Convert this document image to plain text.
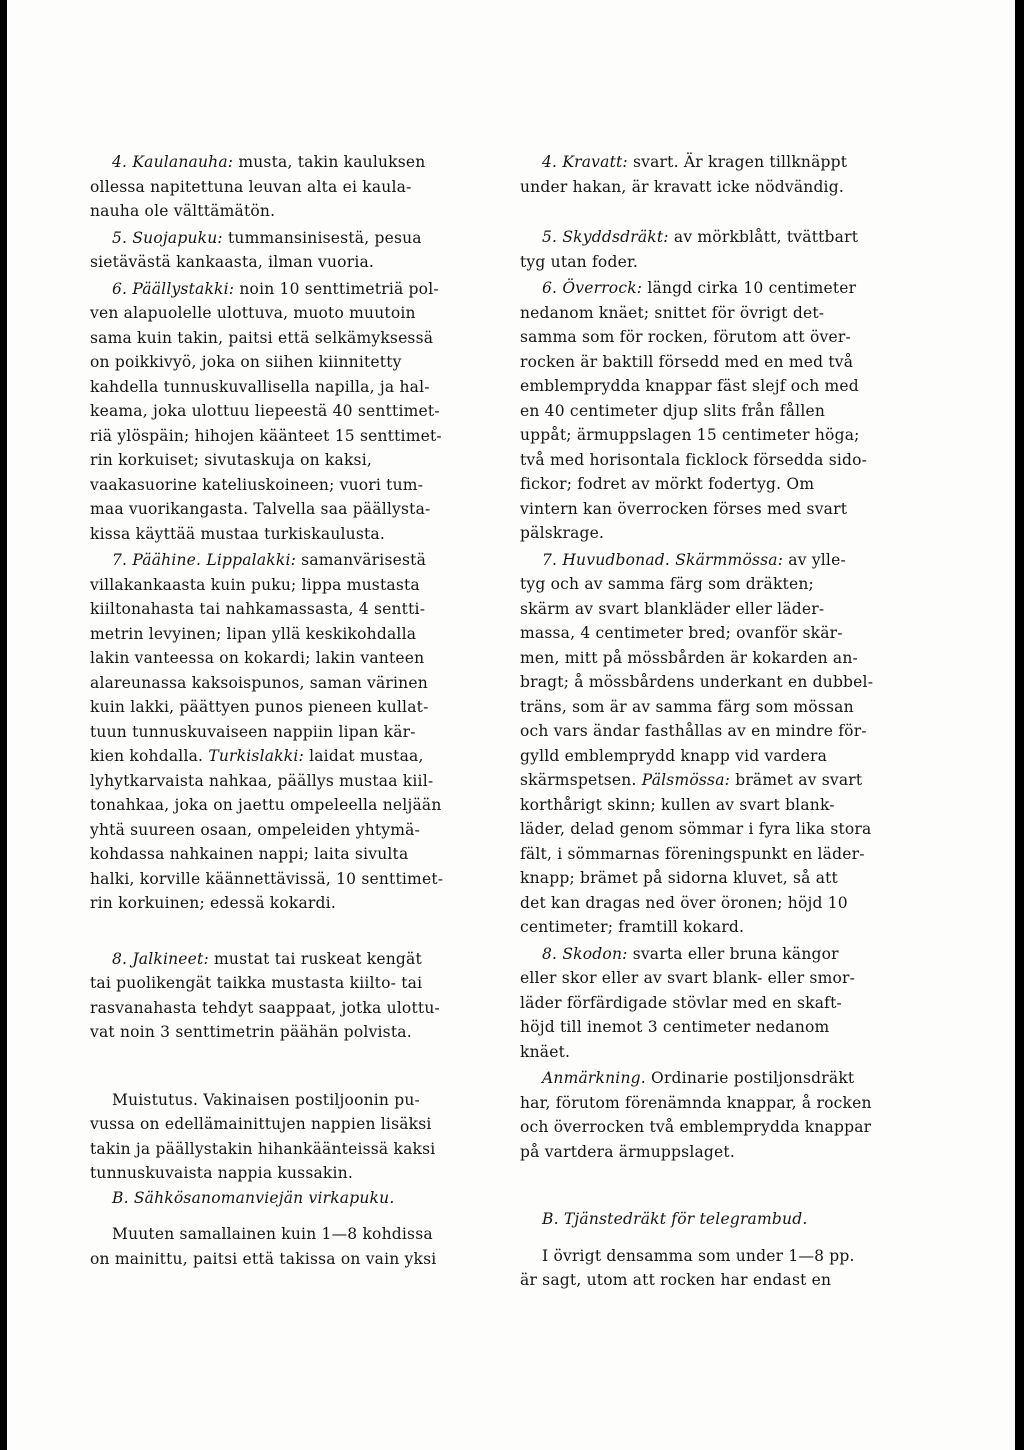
4. Kaulanauha: musta, takin kauluksen
ollessa napitettuna leuvan alta ei kaula-
nauha ole välttämätön.

5. Suojapuku: tummansinisestä, pesua
sietävästä kankaasta, ilman vuoria.

6. Päällystakki: noin 10 senttimetriä pol-
ven alapuolelle ulottuva, muoto muutoin
sama kuin takin, paitsi että selkämyksessä
on poikkivyö, joka on siihen kiinnitetty
kahdella tunnuskuvallisella napilla, ja hal-
keama, joka ulottuu liepeestä 40 senttimet-
riä ylöspäin; hihojen käänteet 15 senttimet-
rin korkuiset; sivutaskuja on kaksi,
vaakasuorine kateliuskoineen; vuori tum-
maa vuorikangasta. Talvella saa päällysta-
kissa käyttää mustaa turkiskaulusta.

7. Päähine. Lippalakki: samanvärisestä
villakankaasta kuin puku; lippa mustasta
kiiltonahasta tai nahkamassasta, 4 sentti-
metrin levyinen; lipan yllä keskikohdalla
lakin vanteessa on kokardi; lakin vanteen
alareunassa kaksoispunos, saman värinen
kuin lakki, päättyen punos pieneen kullat-
tuun tunnuskuvaiseen nappiin lipan kär-
kien kohdalla. Turkislakki: laidat mustaa,
lyhytkarvaista nahkaa, päällys mustaa kiil-
tonahkaa, joka on jaettu ompeleella neljään
yhtä suureen osaan, ompeleiden yhtymä-
kohdassa nahkainen nappi; laita sivulta
halki, korville käännettävissä, 10 senttimet-
rin korkuinen; edessä kokardi.

8. Jalkineet: mustat tai ruskeat kengät
tai puolikengät taikka mustasta kiilto- tai
rasvanahasta tehdyt saappaat, jotka ulottu-
vat noin 3 senttimetrin päähän polvista.

Muistutus. Vakinaisen postiljoonin pu-
vussa on edellämainittujen nappien lisäksi
takin ja päällystakin hihankäänteissä kaksi
tunnuskuvaista nappia kussakin.

B. Sähkösanomanviejän virkapuku.

Muuten samallainen kuin 1—8 kohdissa
on mainittu, paitsi että takissa on vain yksi

4. Kravatt: svart. Är kragen tillknäppt
under hakan, är kravatt icke nödvändig.

5. Skyddsdräkt: av mörkblått, tvättbart
tyg utan foder.

6. Överrock: längd cirka 10 centimeter
nedanom knäet; snittet för övrigt det-
samma som för rocken, förutom att över-
rocken är baktill försedd med en med två
emblemprydda knappar fäst slejf och med
en 40 centimeter djup slits från fållen
uppåt; ärmuppslagen 15 centimeter höga;
två med horisontala ficklock försedda sido-
fickor; fodret av mörkt fodertyg. Om
vintern kan överrocken förses med svart
pälskrage.

7. Huvudbonad. Skärmmössa: av ylle-
tyg och av samma färg som dräkten;
skärm av svart blankläder eller läder-
massa, 4 centimeter bred; ovanför skär-
men, mitt på mössbården är kokarden an-
bragt; å mössbårdens underkant en dubbel-
träns, som är av samma färg som mössan
och vars ändar fasthållas av en mindre för-
gylld emblemprydd knapp vid vardera
skärmspetsen. Pälsmössa: brämet av svart
korthårigt skinn; kullen av svart blank-
läder, delad genom sömmar i fyra lika stora
fält, i sömmarnas föreningspunkt en läder-
knapp; brämet på sidorna kluvet, så att
det kan dragas ned över öronen; höjd 10
centimeter; framtill kokard.

8. Skodon: svarta eller bruna kängor
eller skor eller av svart blank- eller smor-
läder förfärdigade stövlar med en skaft-
höjd till inemot 3 centimeter nedanom
knäet.

Anmärkning. Ordinarie postiljonsdräkt
har, förutom förenämnda knappar, å rocken
och överrocken två emblemprydda knappar
på vartdera ärmuppslaget.

B. Tjänstedräkt för telegrambud.

I övrigt densamma som under 1—8 pp.
är sagt, utom att rocken har endast en
